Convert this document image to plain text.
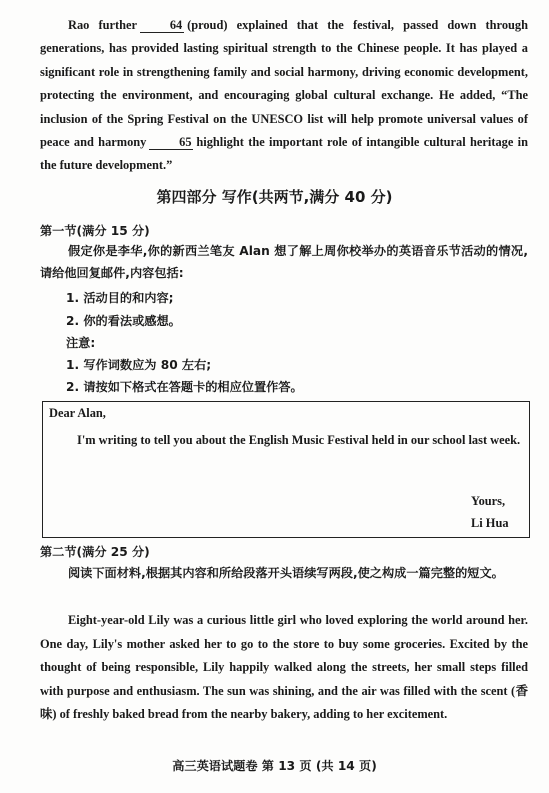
Rao further	64 (proud) explained that the festival, passed down through generations, has provided lasting spiritual strength to the Chinese people. It has played a significant role in strengthening family and social harmony, driving economic development, protecting the environment, and encouraging global cultural exchange. He added, “The inclusion of the Spring Festival on the UNESCO list will help promote universal values of peace and harmony	65 highlight the important role of intangible cultural heritage in the future development.”

第四部分 写作(共两节,满分 40 分)

第一节(满分 15 分)

假定你是李华,你的新西兰笔友 Alan 想了解上周你校举办的英语音乐节活动的情况,请给他回复邮件,内容包括:

1. 活动目的和内容;

2. 你的看法或感想。

注意:

1. 写作词数应为 80 左右;

2. 请按如下格式在答题卡的相应位置作答。

Dear Alan,

I'm writing to tell you about the English Music Festival held in our school last week.

Yours,

Li Hua

第二节(满分 25 分)

阅读下面材料,根据其内容和所给段落开头语续写两段,使之构成一篇完整的短文。

Eight-year-old Lily was a curious little girl who loved exploring the world around her. One day, Lily's mother asked her to go to the store to buy some groceries. Excited by the thought of being responsible, Lily happily walked along the streets, her small steps filled with purpose and enthusiasm. The sun was shining, and the air was filled with the scent (香味) of freshly baked bread from the nearby bakery, adding to her excitement.

高三英语试题卷 第 13 页 (共 14 页)
